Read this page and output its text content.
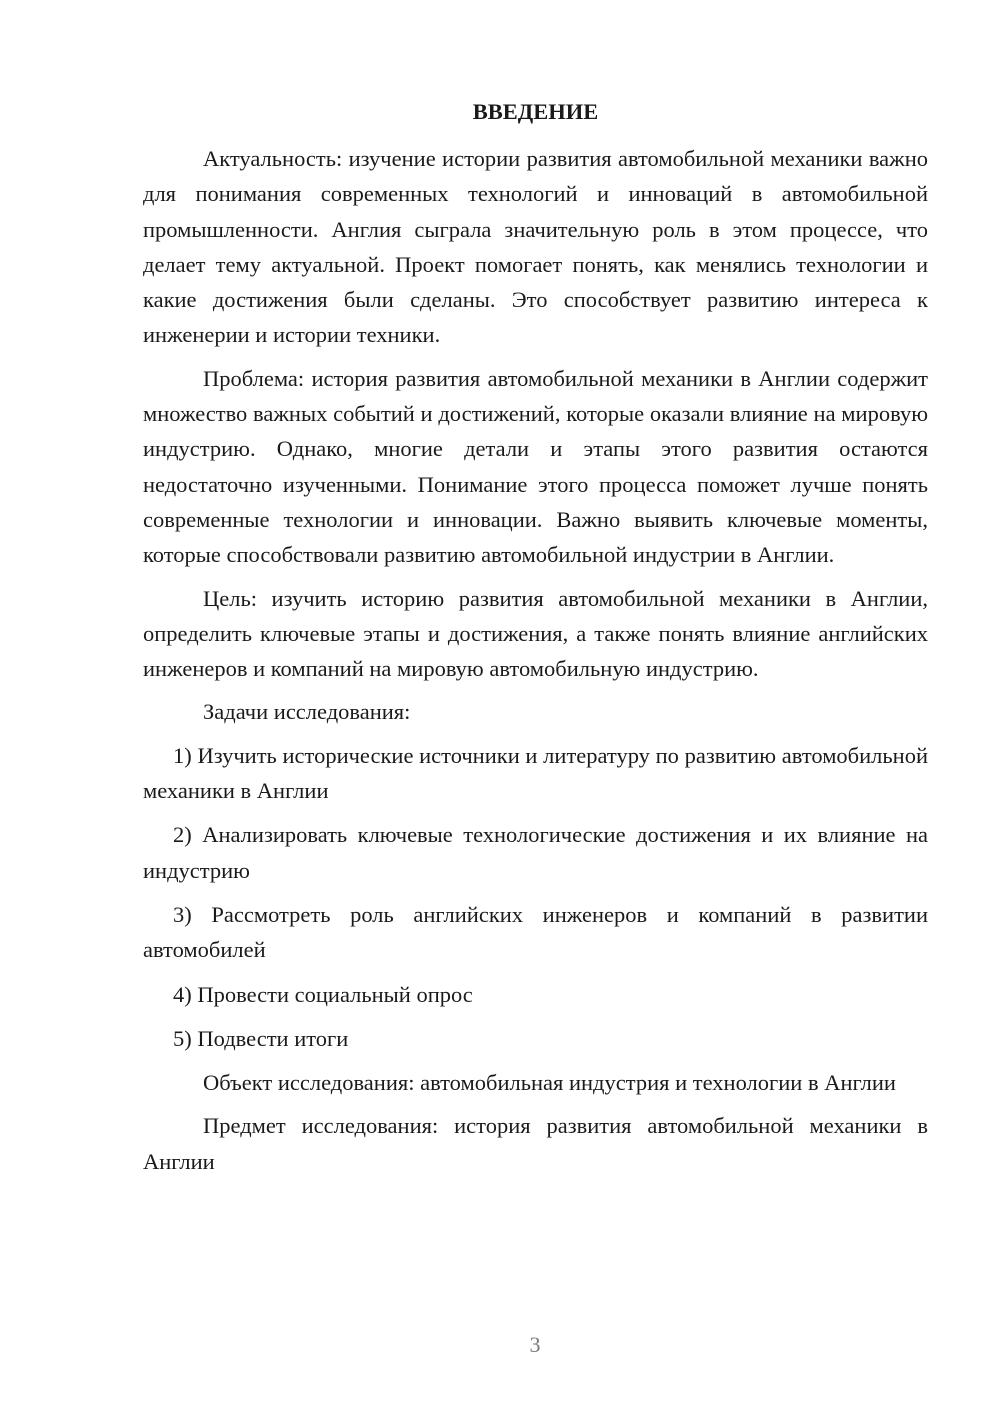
ВВЕДЕНИЕ

Актуальность: изучение истории развития автомобильной механики важно для понимания современных технологий и инноваций в автомобильной промышленности. Англия сыграла значительную роль в этом процессе, что делает тему актуальной. Проект помогает понять, как менялись технологии и какие достижения были сделаны. Это способствует развитию интереса к инженерии и истории техники.

Проблема: история развития автомобильной механики в Англии содержит множество важных событий и достижений, которые оказали влияние на мировую индустрию. Однако, многие детали и этапы этого развития остаются недостаточно изученными. Понимание этого процесса поможет лучше понять современные технологии и инновации. Важно выявить ключевые моменты, которые способствовали развитию автомобильной индустрии в Англии.

Цель: изучить историю развития автомобильной механики в Англии, определить ключевые этапы и достижения, а также понять влияние английских инженеров и компаний на мировую автомобильную индустрию.

Задачи исследования:

1) Изучить исторические источники и литературу по развитию автомобильной механики в Англии

2) Анализировать ключевые технологические достижения и их влияние на индустрию

3) Рассмотреть роль английских инженеров и компаний в развитии автомобилей

4) Провести социальный опрос

5) Подвести итоги

Объект исследования: автомобильная индустрия и технологии в Англии

Предмет исследования: история развития автомобильной механики в Англии

3
